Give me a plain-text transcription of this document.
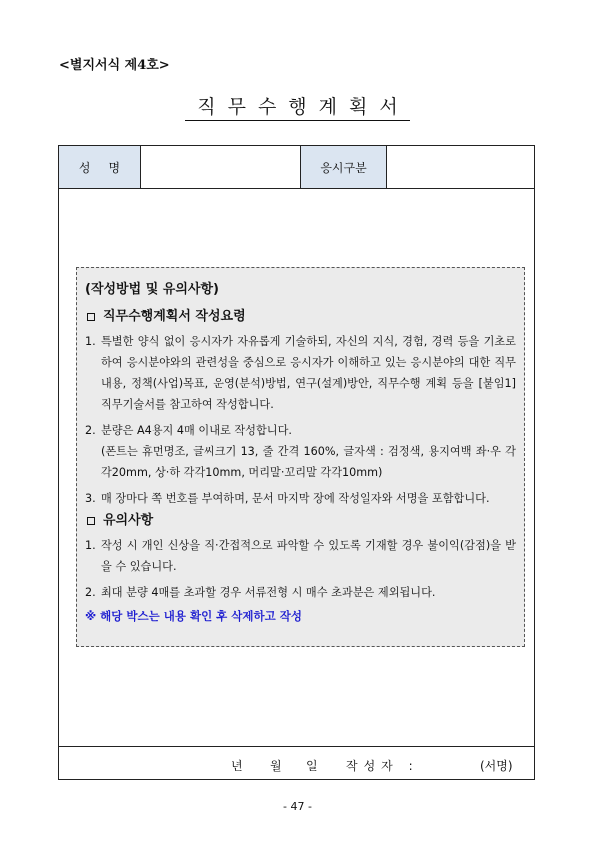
<별지서식 제4호>
직무수행계획서
성명	응시구분
(작성방법 및 유의사항)
직무수행계획서 작성요령
1. 특별한 양식 없이 응시자가 자유롭게 기술하되, 자신의 지식, 경험, 경력 등을 기초로 하여 응시분야와의 관련성을 중심으로 응시자가 이해하고 있는 응시분야의 대한 직무내용, 정책(사업)목표, 운영(분석)방법, 연구(설계)방안, 직무수행 계획 등을 [붙임1] 직무기술서를 참고하여 작성합니다.
2. 분량은 A4용지 4매 이내로 작성합니다.
(폰트는 휴먼명조, 글씨크기 13, 줄 간격 160%, 글자색 : 검정색, 용지여백 좌·우 각각20mm, 상·하 각각10mm, 머리말·꼬리말 각각10mm)
3. 매 장마다 쪽 번호를 부여하며, 문서 마지막 장에 작성일자와 서명을 포함합니다.
유의사항
1. 작성 시 개인 신상을 직·간접적으로 파악할 수 있도록 기재할 경우 불이익(감점)을 받을 수 있습니다.
2. 최대 분량 4매를 초과할 경우 서류전형 시 매수 초과분은 제외됩니다.
※ 해당 박스는 내용 확인 후 삭제하고 작성
년 월 일 작성자 :	(서명)
- 47 -
